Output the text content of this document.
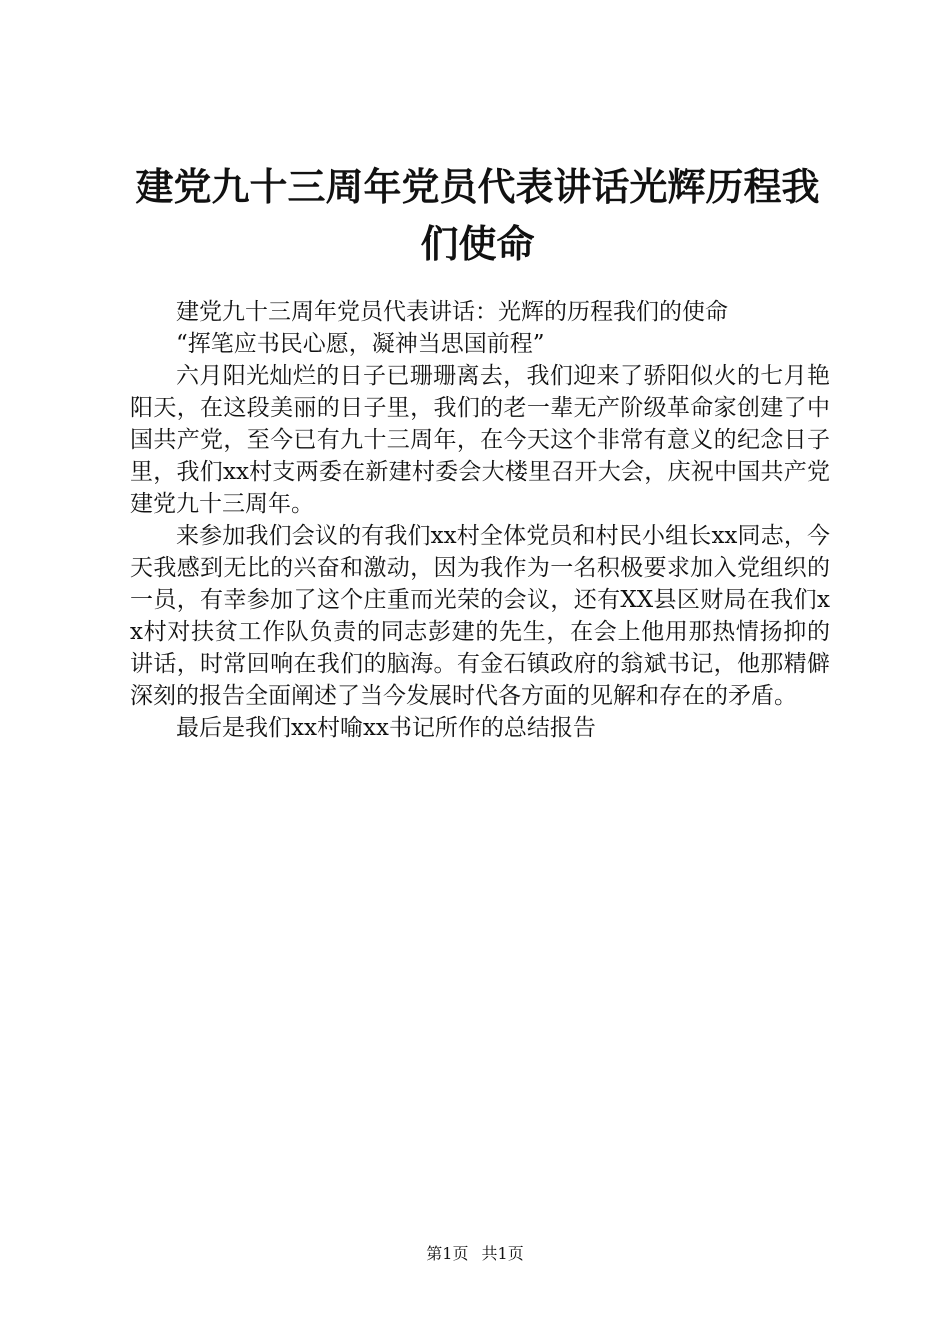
建党九十三周年党员代表讲话光辉历程我们使命

建党九十三周年党员代表讲话：光辉的历程我们的使命

“挥笔应书民心愿，凝神当思国前程”

六月阳光灿烂的日子已珊珊离去，我们迎来了骄阳似火的七月艳阳天，在这段美丽的日子里，我们的老一辈无产阶级革命家创建了中国共产党，至今已有九十三周年，在今天这个非常有意义的纪念日子里，我们xx村支两委在新建村委会大楼里召开大会，庆祝中国共产党建党九十三周年。

来参加我们会议的有我们xx村全体党员和村民小组长xx同志，今天我感到无比的兴奋和激动，因为我作为一名积极要求加入党组织的一员，有幸参加了这个庄重而光荣的会议，还有XX县区财局在我们xx村对扶贫工作队负责的同志彭建的先生，在会上他用那热情扬抑的讲话，时常回响在我们的脑海。有金石镇政府的翁斌书记，他那精僻深刻的报告全面阐述了当今发展时代各方面的见解和存在的矛盾。

最后是我们xx村喻xx书记所作的总结报告

第1页 共1页
